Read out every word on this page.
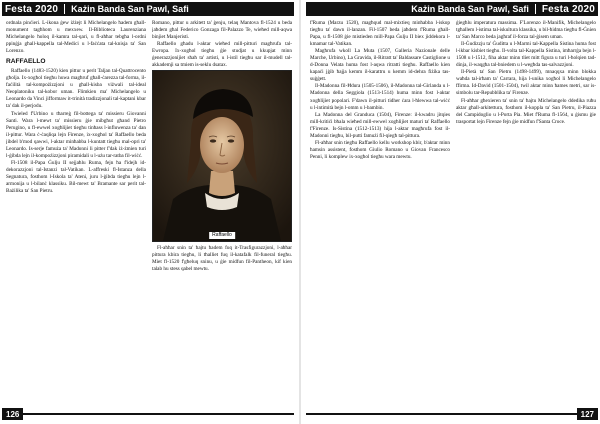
Festa 2020	Każin Banda San Pawl, Safi

ordnala pinċieri. L-ikona ġew iżżejt li Michelangelo ħadem għall-monument tagħhom u mexxew. Il-Biblioteca Laurenziana Michelangelo ħoloq il-kamra tal-qari, u fl-aħħar tebgħa l-ordni ppinġja għall-kappella tal-Medici u l-faċċata tal-knisja ta' San Lorenzo.

RAFFAELLO

Raffaello (1483-1520) kien pittur u perit Taljan tal-Quattrocento għolja. Ix-xogħol tiegħu huwa magħruf għall-ċarezza tal-forma, il-faċilità tal-kompożizzjoni u għall-kisba viżwali tal-ideal Neoplatoniku tal-kobor uman. Flimkien ma' Michelangelo u Leonardo da Vinci jifformaw it-trinità tradizzjonali tal-kaptani kbar ta' dak il-perjodu.

Twieled f'Urbino u tħarreġ fil-bottega ta' missieru Giovanni Santi. Wara l-mewt ta' missieru ġie mibgħut għand Pietro Perugino, u fl-ewwel xogħlijiet tiegħu tinħass l-influwenza ta' dan il-pittur. Wara ċ-ċaqliqa lejn Firenze, ix-xogħol ta' Raffaello beda jibdel b'mod qawwi, l-aktar minħabba l-kuntatt tiegħu mal-opri ta' Leonardo. Is-serje famuża ta' Madonni li pitter f'dak iż-żmien turi l-ġibda lejn il-kompożizzjoni piramidali u l-użu tar-ratba fil-wiċċ.

Fl-1508 il-Papa Ġulju II sejjaħlu Ruma, fejn ħa f'idejh id-dekorazzjoni tal-Istanzi tal-Vatikan. L-affreski fl-Istanza della Segnatura, fosthom l-Iskola ta' Ateni, juru l-ġibda tiegħu lejn l-armonija u l-bilanċ klassiku. Bil-mewt ta' Bramante sar perit tal-Bażilika ta' San Pietru.

Romano, pittur u arkitett ta' ġenju, telaq Mantova fl-1524 u beda jaħdem għal Federico Gonzaga fil-Palazzo Te, wieħed mill-aqwa binjiet Manjeristi.

Raffaello għadu l-aktar wieħed mill-pitturi magħrufa tal-Ewropa. Ix-xogħol tiegħu ġie studjat u kkupjat minn ġenerazzjonijiet sħaħ ta' artisti, u l-istil tiegħu sar il-mudell tal-akkademji sa tmiem is-seklu dsatax.

Raffaello

Fl-aħħar snin ta' ħajtu ħadem fuq it-Trasfigurazzjoni, l-aħħar pittura kbira tiegħu, li tħalliet fuq il-katafalk fil-funeral tiegħu. Miet fl-1520 f'għeluq sninu, u ġie midfun fil-Pantheon, kif kien talab hu stess qabel mewtu.

126
Każin Banda San Pawl, Safi	Festa 2020

f'Ruma (Marzu 1520), magħqud mal-mixtieq minħabba l-iskop tiegħu ta' dawn il-lanzan. Fil-1507 beda jaħdem f'Ruma għall-Papa, u fl-1508 ġie mistieden mill-Papa Ġulju II biex jiddekora l-kmamar tal-Vatikan.

Magħrufa wkoll La Muta (1507, Galleria Nazionale delle Marche, Urbino), La Gravida, il-Ritratt ta' Baldassare Castiglione u d-Donna Velata huma fost l-aqwa ritratti tiegħu. Raffaello kien kapaċi jġib ħajja kemm il-karattru u kemm id-dehra fiżika tas-suġġett.

Il-Madonna fil-Ħdura (1505-1506), il-Madonna tal-Girlanda u l-Madonna della Seggiola (1513-1514) huma minn fost l-aktar xogħlijiet popolari. F'dawn il-pitturi tidher ċara l-ħlewwa tal-wiċċ u l-intimità bejn l-omm u l-bambin.

La Madonna del Granduca (1504), Firenze: il-kwadru jitqies mill-kritiċi bħala wieħed mill-ewwel xogħlijiet maturi ta' Raffaello f'Firenze. Is-Sistina (1512-1513) hija l-aktar magħrufa fost il-Madonni tiegħu, bil-putti famużi fil-qiegħ tal-pittura.

Fl-aħħar snin tiegħu Raffaello kellu workshop kbir, b'aktar minn ħamsin assistent, fosthom Giulio Romano u Giovan Francesco Penni, li komplew ix-xogħol tiegħu wara mewtu.

ġiegħlu imperatura massima. F'Lorenzo il-Manifik, Michelangelo tgħallem l-istima tal-iskultura klassika, u bil-ħidma tiegħu fl-Ġnien ta' San Marco beda jagħraf il-forza tal-ġisem uman.

Il-Ġudizzju ta' Ġuditta u l-Marmi tal-Kappella Sistina huma fost l-ikbar kisbiet tiegħu. Il-volta tal-Kappella Sistina, imħarrġa bejn l-1508 u l-1512, fiha aktar minn tliet mitt figura u turi l-ħolqien tad-dinja, il-waqgħa tal-bniedem u l-wegħda tas-salvazzjoni.

Il-Pietà ta' San Pietru (1498-1499), mnaqqxa minn blokka waħda tal-irħam ta' Carrara, hija l-unika xogħol li Michelangelo ffirma. Id-David (1501-1504), twil aktar minn ħames metri, sar is-simbolu tar-Repubblika ta' Firenze.

Fl-aħħar għexieren ta' snin ta' ħajtu Michelangelo ddedika ruħu aktar għall-arkitettura, fosthom il-koppla ta' San Pietru, il-Piazza del Campidoglio u l-Porta Pia. Miet f'Ruma fl-1564, u ġismu ġie trasportat lejn Firenze fejn ġie midfun f'Santa Croce.

127
